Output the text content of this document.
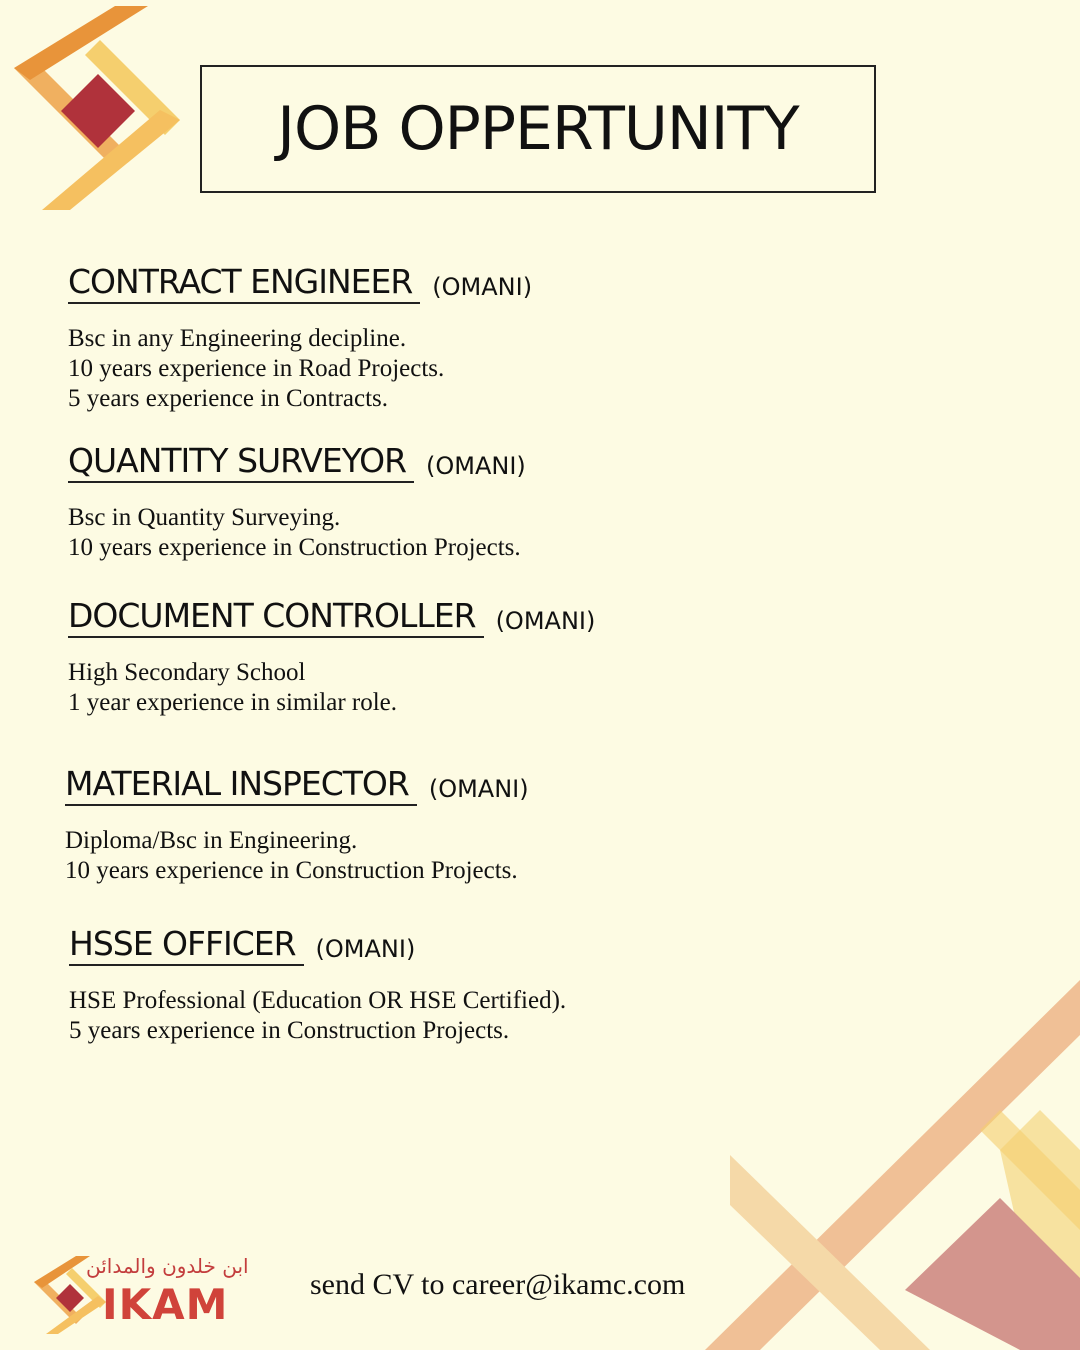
JOB OPPERTUNITY
CONTRACT ENGINEER (OMANI)
Bsc in any Engineering decipline.
10 years experience in Road Projects.
5 years experience in Contracts.
QUANTITY SURVEYOR (OMANI)
Bsc in Quantity Surveying.
10 years experience in Construction Projects.
DOCUMENT CONTROLLER (OMANI)
High Secondary School
1 year experience in similar role.
MATERIAL INSPECTOR (OMANI)
Diploma/Bsc in Engineering.
10 years experience in Construction Projects.
HSSE OFFICER (OMANI)
HSE Professional (Education OR HSE Certified).
5 years experience in Construction Projects.
ابن خلدون والمدائن
IKAM	send CV to career@ikamc.com
